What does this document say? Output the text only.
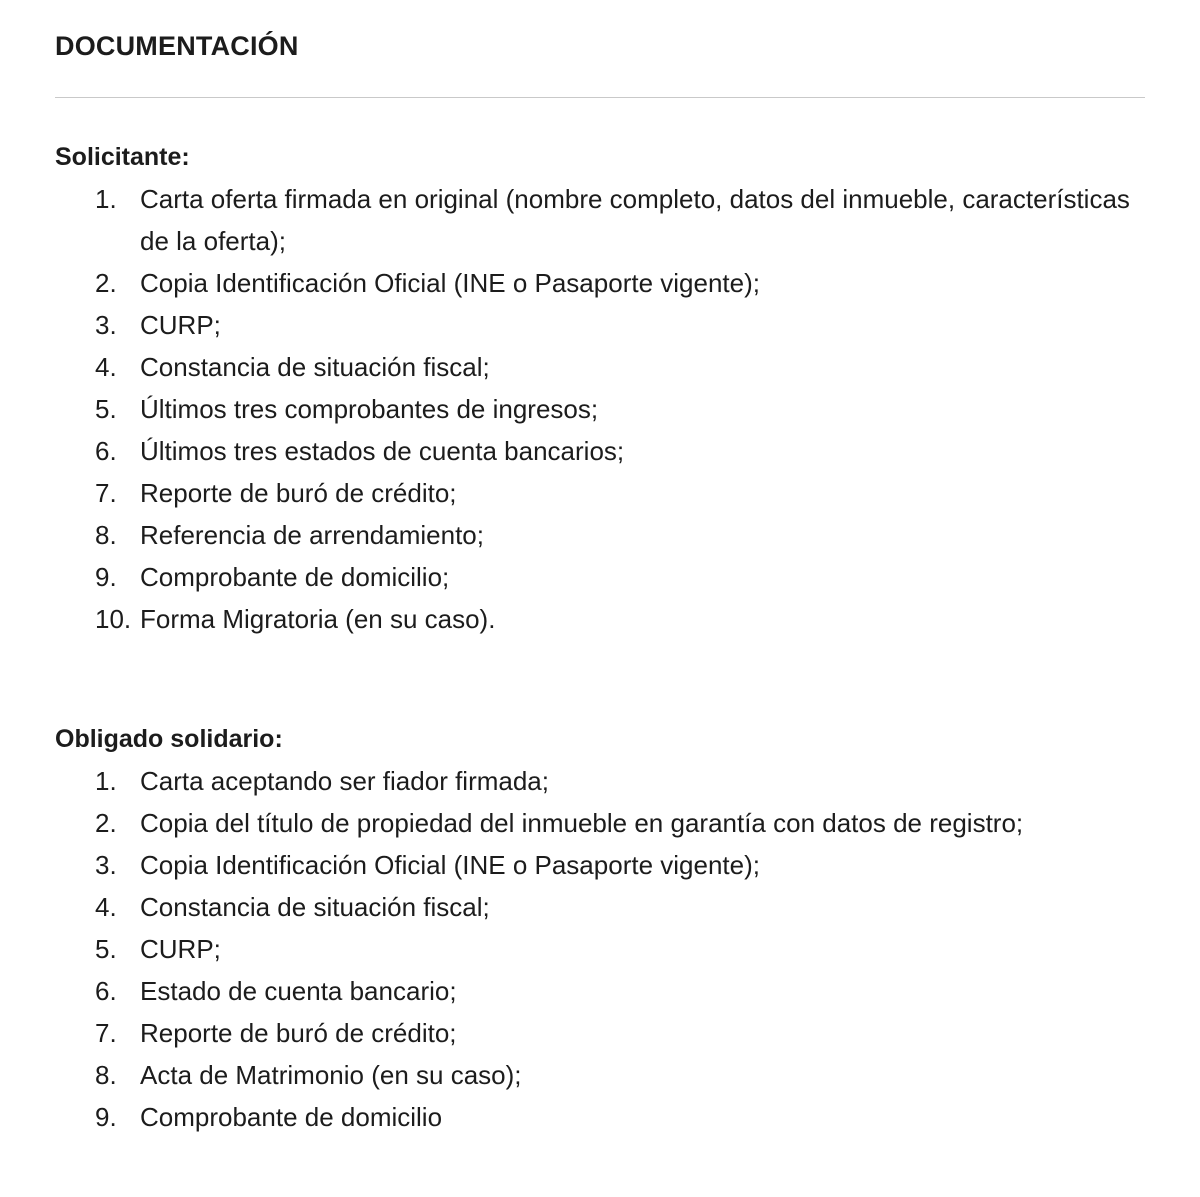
DOCUMENTACIÓN
Solicitante:
1. Carta oferta firmada en original (nombre completo, datos del inmueble, características
de la oferta);
2. Copia Identificación Oficial (INE o Pasaporte vigente);
3. CURP;
4. Constancia de situación fiscal;
5. Últimos tres comprobantes de ingresos;
6. Últimos tres estados de cuenta bancarios;
7. Reporte de buró de crédito;
8. Referencia de arrendamiento;
9. Comprobante de domicilio;
10. Forma Migratoria (en su caso).
Obligado solidario:
1. Carta aceptando ser fiador firmada;
2. Copia del título de propiedad del inmueble en garantía con datos de registro;
3. Copia Identificación Oficial (INE o Pasaporte vigente);
4. Constancia de situación fiscal;
5. CURP;
6. Estado de cuenta bancario;
7. Reporte de buró de crédito;
8. Acta de Matrimonio (en su caso);
9. Comprobante de domicilio
